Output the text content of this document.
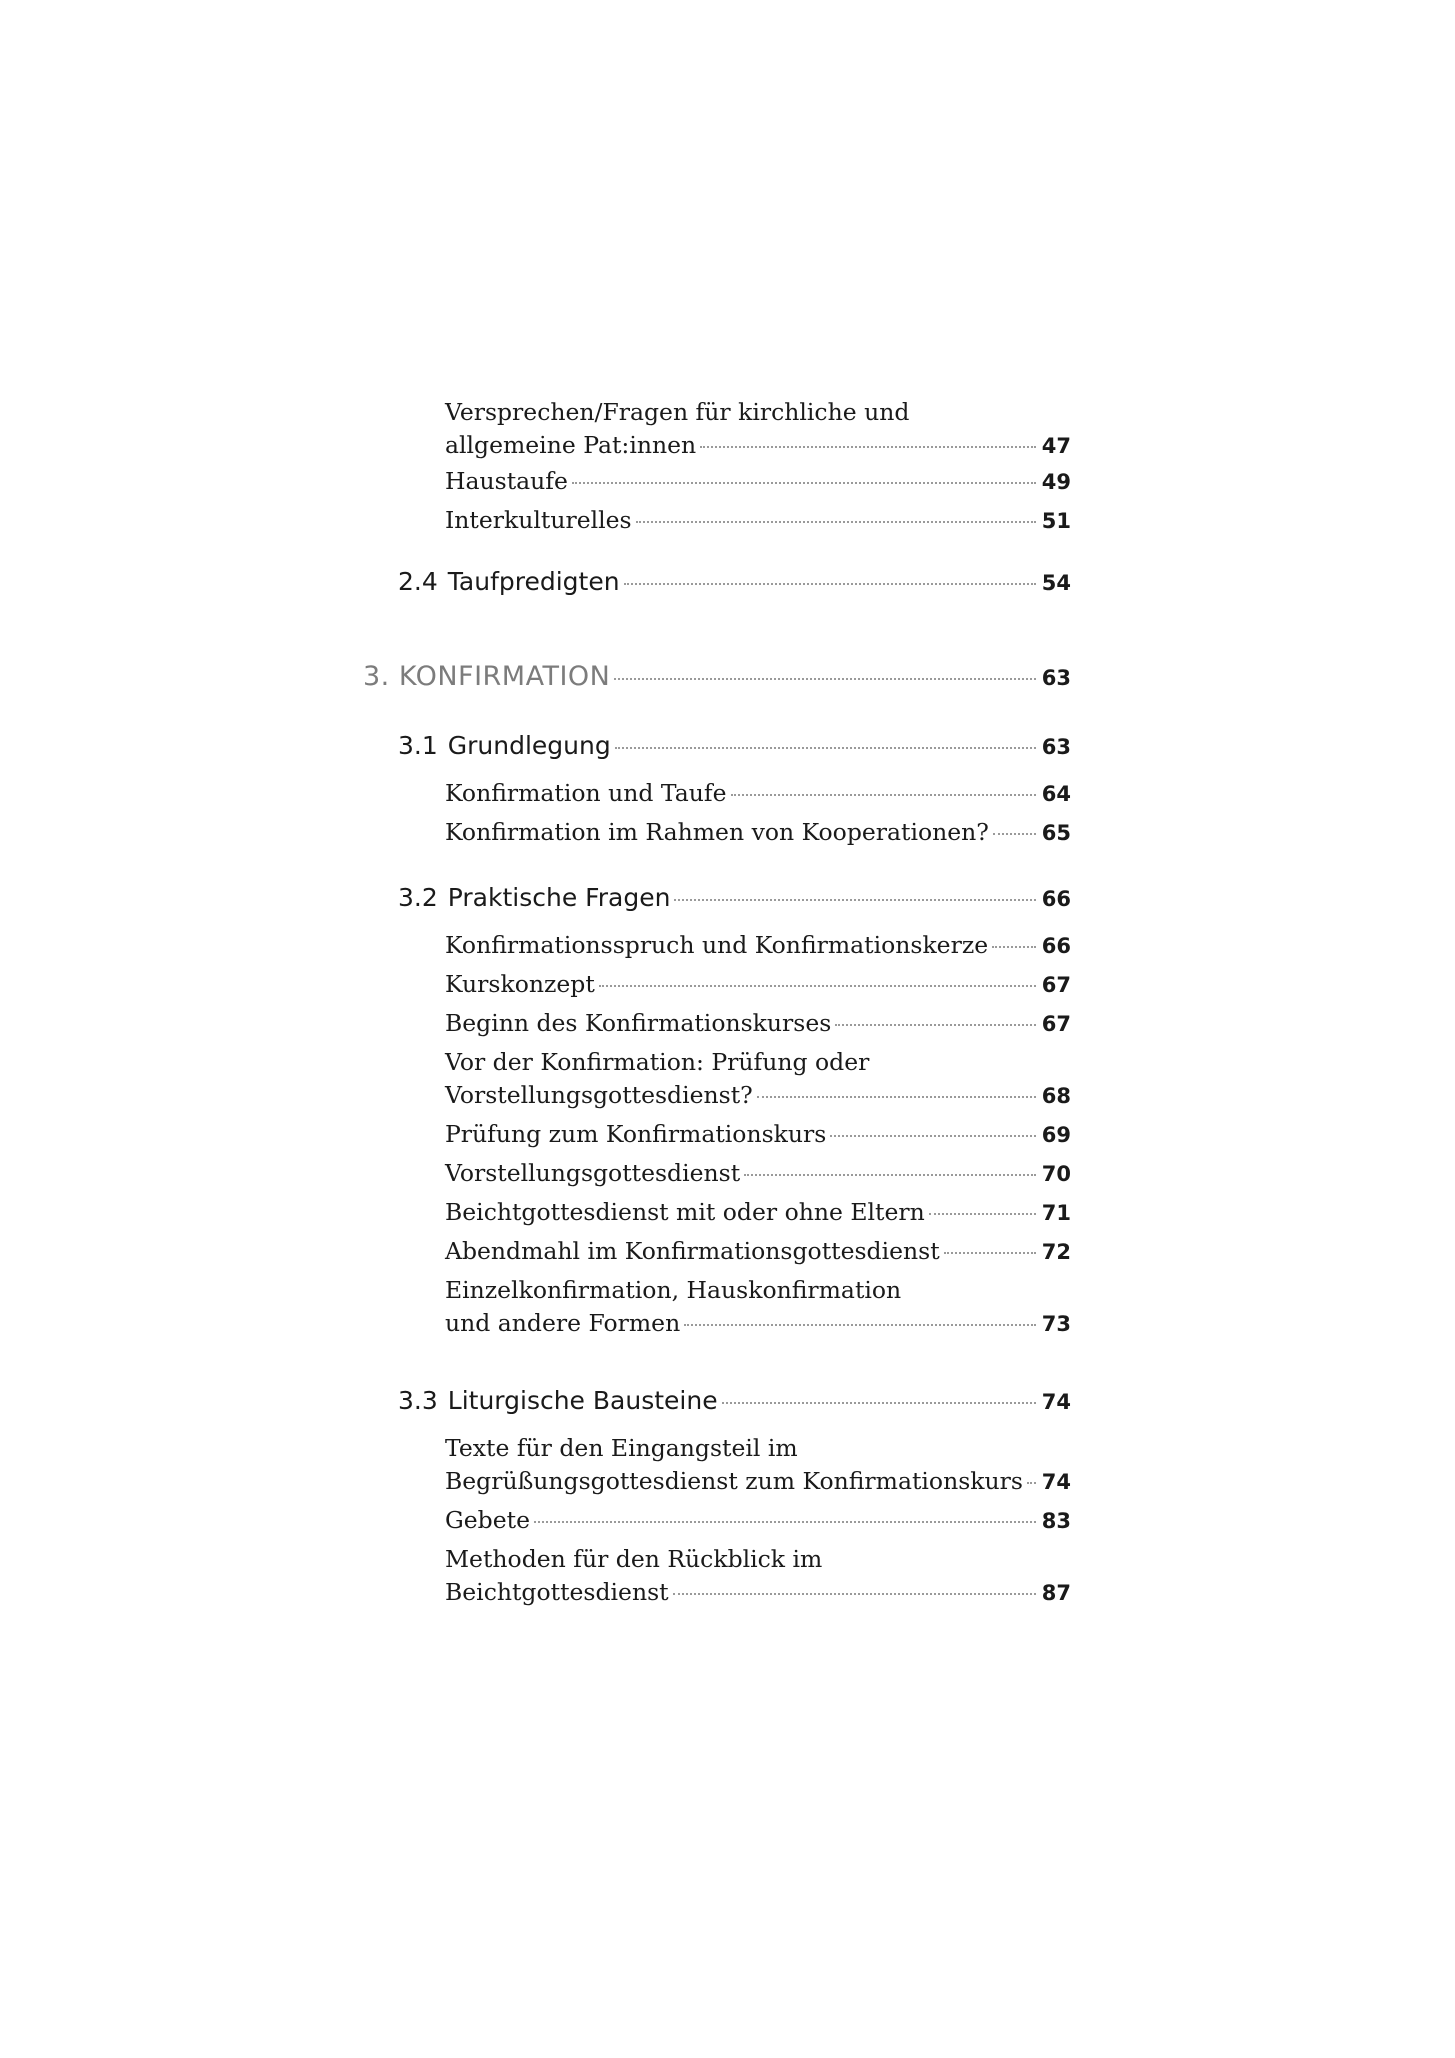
Versprechen/Fragen für kirchliche und
allgemeine Pat:innen	47
Haustaufe	49
Interkulturelles	51
2.4 Taufpredigten	54
3. KONFIRMATION	63
3.1 Grundlegung	63
Konfirmation und Taufe	64
Konfirmation im Rahmen von Kooperationen?	65
3.2 Praktische Fragen	66
Konfirmationsspruch und Konfirmationskerze	66
Kurskonzept	67
Beginn des Konfirmationskurses	67
Vor der Konfirmation: Prüfung oder
Vorstellungsgottesdienst?	68
Prüfung zum Konfirmationskurs	69
Vorstellungsgottesdienst	70
Beichtgottesdienst mit oder ohne Eltern	71
Abendmahl im Konfirmationsgottesdienst	72
Einzelkonfirmation, Hauskonfirmation
und andere Formen	73
3.3 Liturgische Bausteine	74
Texte für den Eingangsteil im
Begrüßungsgottesdienst zum Konfirmationskurs 74
Gebete	83
Methoden für den Rückblick im
Beichtgottesdienst	87
